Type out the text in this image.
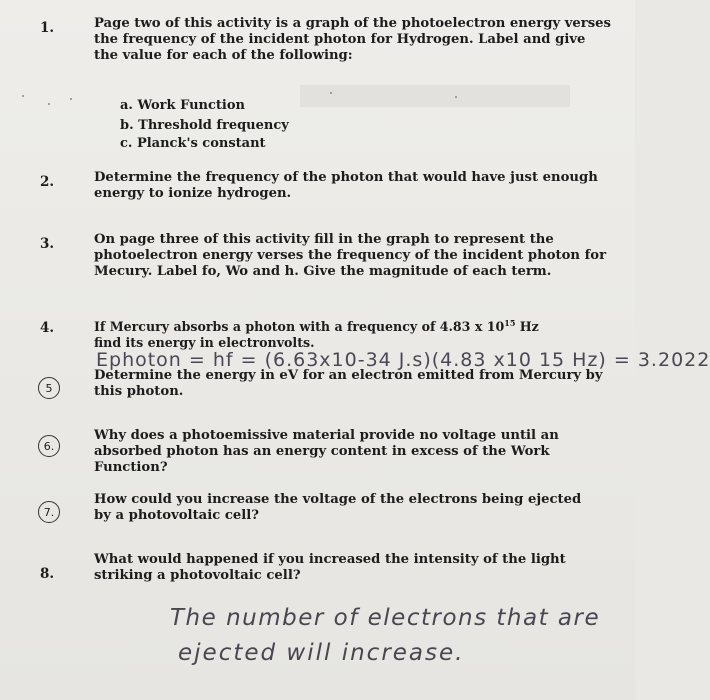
1.	Page two of this activity is a graph of the photoelectron energy verses the frequency of the incident photon for Hydrogen. Label and give the value for each of the following:
a. Work Function
b. Threshold frequency
c. Planck's constant
2.	Determine the frequency of the photon that would have just enough energy to ionize hydrogen.
3.	On page three of this activity fill in the graph to represent the photoelectron energy verses the frequency of the incident photon for Mecury. Label fo, Wo and h. Give the magnitude of each term.
4.	If Mercury absorbs a photon with a frequency of 4.83 x $10^{15}$ Hz find its energy in electronvolts.
Ephoton = hf = (6.63x10-34 J.s)(4.83 x10 15 Hz) = 3.2022
5
Determine the energy in eV for an electron emitted from Mercury by this photon.
6.
Why does a photoemissive material provide no voltage until an absorbed photon has an energy content in excess of the Work Function?
7.
How could you increase the voltage of the electrons being ejected by a photovoltaic cell?
8.
What would happened if you increased the intensity of the light striking a photovoltaic cell?
The number of electrons that are
ejected will increase.
